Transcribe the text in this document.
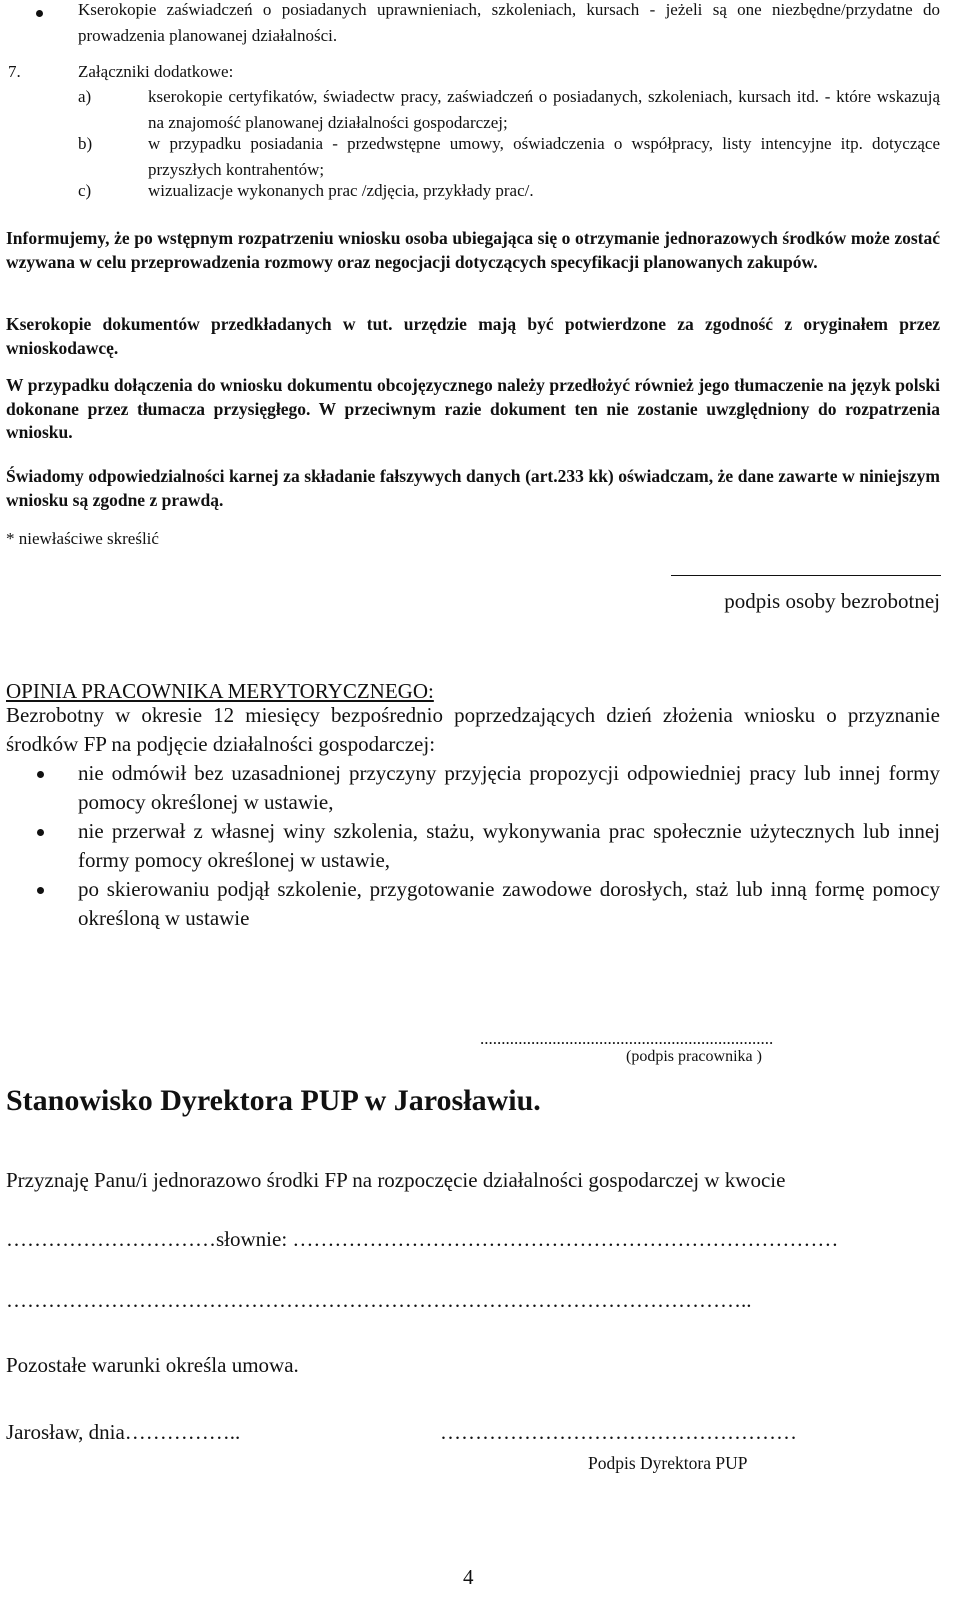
Kserokopie zaświadczeń o posiadanych uprawnieniach, szkoleniach, kursach - jeżeli są one niezbędne/przydatne do prowadzenia planowanej działalności.
7.	Załączniki dodatkowe:
a)	kserokopie certyfikatów, świadectw pracy, zaświadczeń o posiadanych, szkoleniach, kursach itd. - które wskazują na znajomość planowanej działalności gospodarczej;
b)	w przypadku posiadania - przedwstępne umowy, oświadczenia o współpracy, listy intencyjne itp. dotyczące przyszłych kontrahentów;
c)	wizualizacje wykonanych prac /zdjęcia, przykłady prac/.
Informujemy, że po wstępnym rozpatrzeniu wniosku osoba ubiegająca się o otrzymanie jednorazowych środków może zostać wzywana w celu przeprowadzenia rozmowy oraz negocjacji dotyczących specyfikacji planowanych zakupów.
Kserokopie dokumentów przedkładanych w tut. urzędzie mają być potwierdzone za zgodność z oryginałem przez wnioskodawcę.
W przypadku dołączenia do wniosku dokumentu obcojęzycznego należy przedłożyć również jego tłumaczenie na język polski dokonane przez tłumacza przysięgłego. W przeciwnym razie dokument ten nie zostanie uwzględniony do rozpatrzenia wniosku.
Świadomy odpowiedzialności karnej za składanie fałszywych danych (art.233 kk) oświadczam, że dane zawarte w niniejszym wniosku są zgodne z prawdą.
* niewłaściwe skreślić
podpis osoby bezrobotnej
OPINIA PRACOWNIKA MERYTORYCZNEGO:
Bezrobotny w okresie 12 miesięcy bezpośrednio poprzedzających dzień złożenia wniosku o przyznanie środków FP na podjęcie działalności gospodarczej:
nie odmówił bez uzasadnionej przyczyny przyjęcia propozycji odpowiedniej pracy lub innej formy pomocy określonej w ustawie,
nie przerwał z własnej winy szkolenia, stażu, wykonywania prac społecznie użytecznych lub innej formy pomocy określonej w ustawie,
po skierowaniu podjął szkolenie, przygotowanie zawodowe dorosłych, staż lub inną formę pomocy określoną w ustawie
.....................................................................
(podpis pracownika )
Stanowisko Dyrektora PUP w Jarosławiu.
Przyznaję Panu/i jednorazowo środki FP na rozpoczęcie działalności gospodarczej w kwocie
…………………………słownie: ……………………………………………………………………
……………………………………………………………………………………………..
Pozostałe warunki określa umowa.
Jarosław, dnia……………..	……………………………………………
Podpis Dyrektora PUP
4
